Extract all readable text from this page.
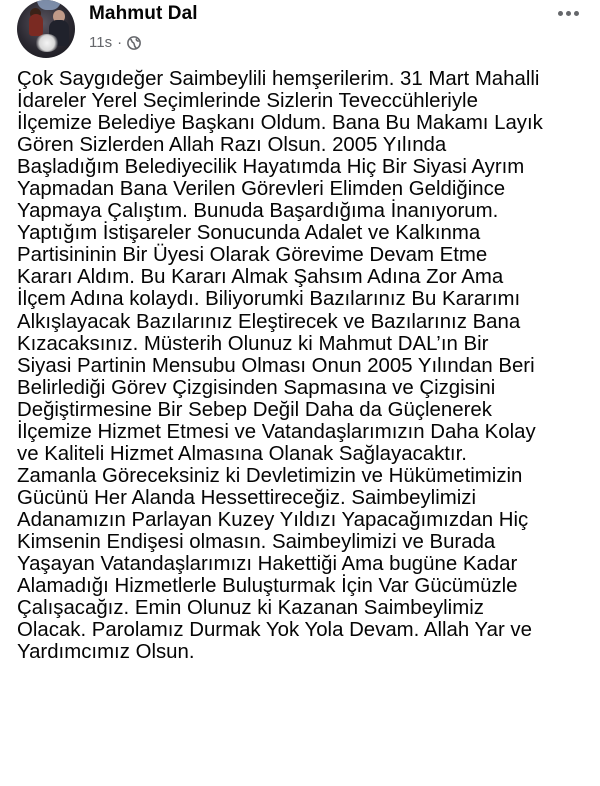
Mahmut Dal
11s ·
Çok Saygıdeğer Saimbeylili hemşerilerim. 31 Mart Mahalli
İdareler Yerel Seçimlerinde Sizlerin Teveccühleriyle
İlçemize Belediye Başkanı Oldum. Bana Bu Makamı Layık
Gören Sizlerden Allah Razı Olsun. 2005 Yılında
Başladığım Belediyecilik Hayatımda Hiç Bir Siyasi Ayrım
Yapmadan Bana Verilen Görevleri Elimden Geldiğince
Yapmaya Çalıştım. Bunuda Başardığıma İnanıyorum.
Yaptığım İstişareler Sonucunda Adalet ve Kalkınma
Partisininin Bir Üyesi Olarak Görevime Devam Etme
Kararı Aldım. Bu Kararı Almak Şahsım Adına Zor Ama
İlçem Adına kolaydı. Biliyorumki Bazılarınız Bu Kararımı
Alkışlayacak Bazılarınız Eleştirecek ve Bazılarınız Bana
Kızacaksınız. Müsterih Olunuz ki Mahmut DAL’ın Bir
Siyasi Partinin Mensubu Olması Onun 2005 Yılından Beri
Belirlediği Görev Çizgisinden Sapmasına ve Çizgisini
Değiştirmesine Bir Sebep Değil Daha da Güçlenerek
İlçemize Hizmet Etmesi ve Vatandaşlarımızın Daha Kolay
ve Kaliteli Hizmet Almasına Olanak Sağlayacaktır.
Zamanla Göreceksiniz ki Devletimizin ve Hükümetimizin
Gücünü Her Alanda Hessettireceğiz. Saimbeylimizi
Adanamızın Parlayan Kuzey Yıldızı Yapacağımızdan Hiç
Kimsenin Endişesi olmasın. Saimbeylimizi ve Burada
Yaşayan Vatandaşlarımızı Hakettiği Ama bugüne Kadar
Alamadığı Hizmetlerle Buluşturmak İçin Var Gücümüzle
Çalışacağız. Emin Olunuz ki Kazanan Saimbeylimiz
Olacak. Parolamız Durmak Yok Yola Devam. Allah Yar ve
Yardımcımız Olsun.
